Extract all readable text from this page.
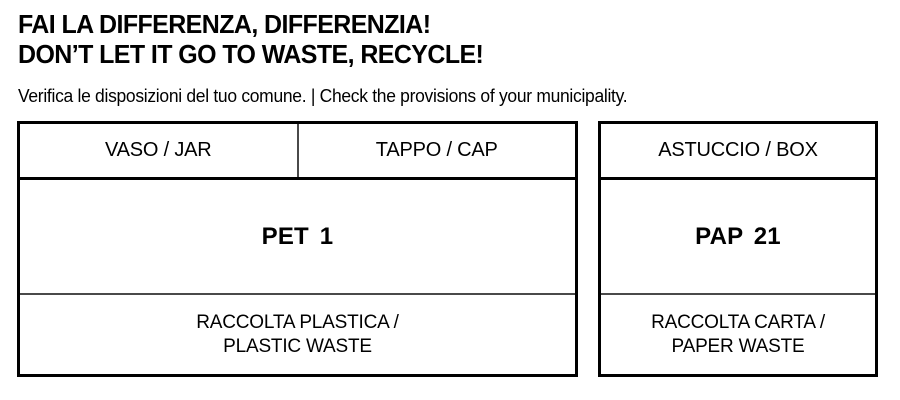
FAI LA DIFFERENZA, DIFFERENZIA!
DON’T LET IT GO TO WASTE, RECYCLE!
Verifica le disposizioni del tuo comune. | Check the provisions of your municipality.
VASO / JAR	TAPPO / CAP
PET 1
RACCOLTA PLASTICA /
PLASTIC WASTE
ASTUCCIO / BOX
PAP 21
RACCOLTA CARTA /
PAPER WASTE
